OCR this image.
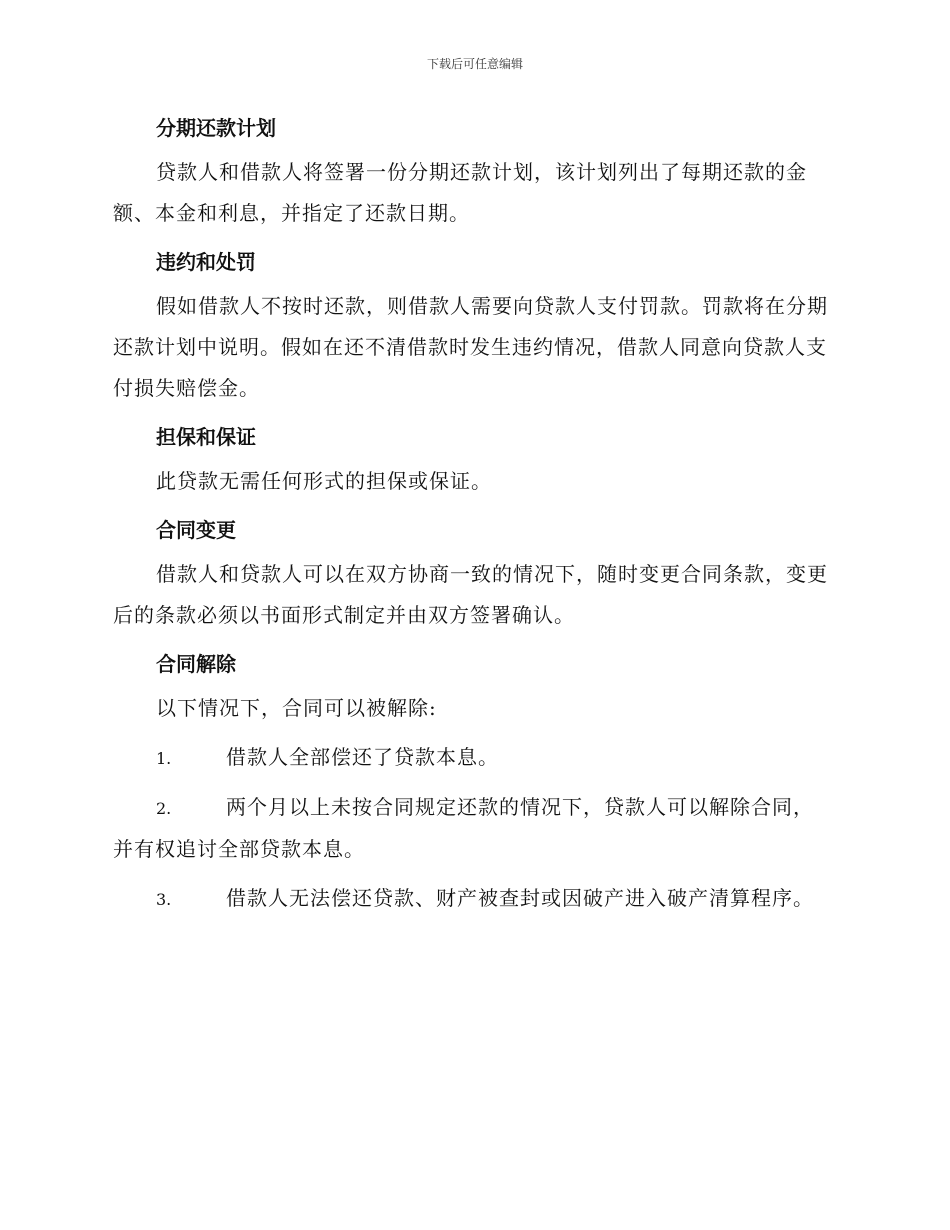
下载后可任意编辑
分期还款计划

贷款人和借款人将签署一份分期还款计划，该计划列出了每期还款的金额、本金和利息，并指定了还款日期。

违约和处罚

假如借款人不按时还款，则借款人需要向贷款人支付罚款。罚款将在分期还款计划中说明。假如在还不清借款时发生违约情况，借款人同意向贷款人支付损失赔偿金。

担保和保证

此贷款无需任何形式的担保或保证。

合同变更

借款人和贷款人可以在双方协商一致的情况下，随时变更合同条款，变更后的条款必须以书面形式制定并由双方签署确认。

合同解除

以下情况下，合同可以被解除:

1.	借款人全部偿还了贷款本息。

2.	两个月以上未按合同规定还款的情况下，贷款人可以解除合同，并有权追讨全部贷款本息。

3.	借款人无法偿还贷款、财产被查封或因破产进入破产清算程序。
